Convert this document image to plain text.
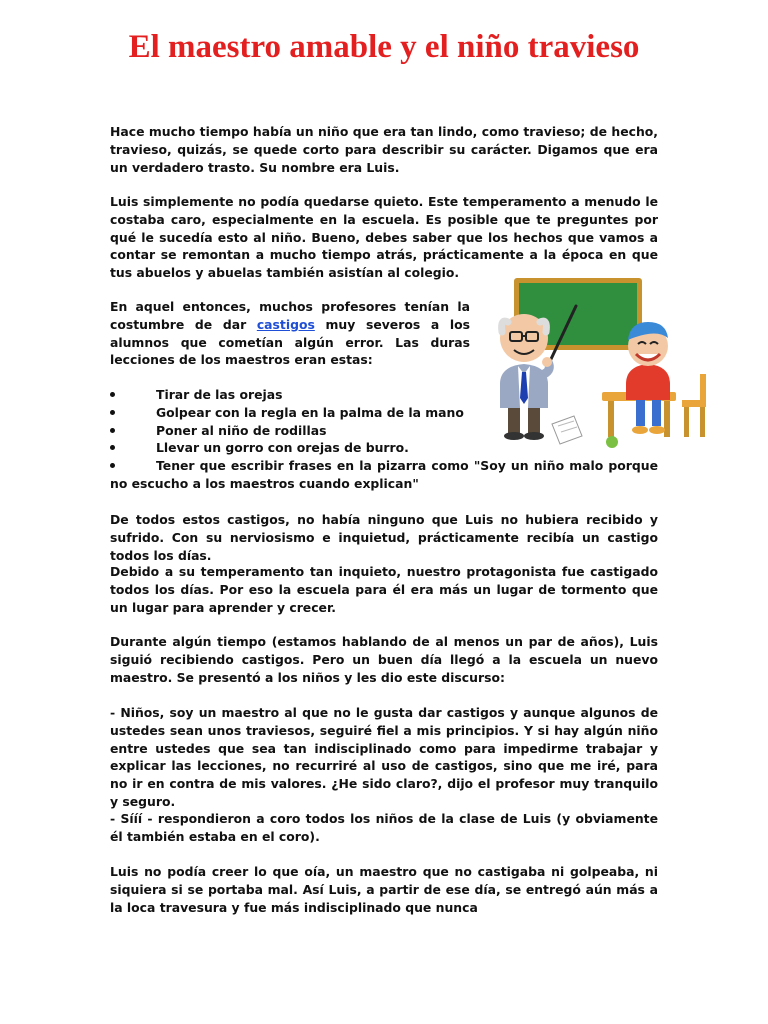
El maestro amable y el niño travieso

Hace mucho tiempo había un niño que era tan lindo, como travieso; de hecho, travieso, quizás, se quede corto para describir su carácter. Digamos que era un verdadero trasto. Su nombre era Luis.

Luis simplemente no podía quedarse quieto. Este temperamento a menudo le costaba caro, especialmente en la escuela. Es posible que te preguntes por qué le sucedía esto al niño. Bueno, debes saber que los hechos que vamos a contar se remontan a mucho tiempo atrás, prácticamente a la época en que tus abuelos y abuelas también asistían al colegio.

En aquel entonces, muchos profesores tenían la costumbre de dar castigos muy severos a los alumnos que cometían algún error. Las duras lecciones de los maestros eran estas:

Tirar de las orejas
Golpear con la regla en la palma de la mano
Poner al niño de rodillas
Llevar un gorro con orejas de burro.
Tener que escribir frases en la pizarra como "Soy un niño malo porque no escucho a los maestros cuando explican"

De todos estos castigos, no había ninguno que Luis no hubiera recibido y sufrido. Con su nerviosismo e inquietud, prácticamente recibía un castigo todos los días.

Debido a su temperamento tan inquieto, nuestro protagonista fue castigado todos los días. Por eso la escuela para él era más un lugar de tormento que un lugar para aprender y crecer.

Durante algún tiempo (estamos hablando de al menos un par de años), Luis siguió recibiendo castigos. Pero un buen día llegó a la escuela un nuevo maestro. Se presentó a los niños y les dio este discurso:

- Niños, soy un maestro al que no le gusta dar castigos y aunque algunos de ustedes sean unos traviesos, seguiré fiel a mis principios. Y si hay algún niño entre ustedes que sea tan indisciplinado como para impedirme trabajar y explicar las lecciones, no recurriré al uso de castigos, sino que me iré, para no ir en contra de mis valores. ¿He sido claro?, dijo el profesor muy tranquilo y seguro.

- Sííí - respondieron a coro todos los niños de la clase de Luis (y obviamente él también estaba en el coro).

Luis no podía creer lo que oía, un maestro que no castigaba ni golpeaba, ni siquiera si se portaba mal. Así Luis, a partir de ese día, se entregó aún más a la loca travesura y fue más indisciplinado que nunca
